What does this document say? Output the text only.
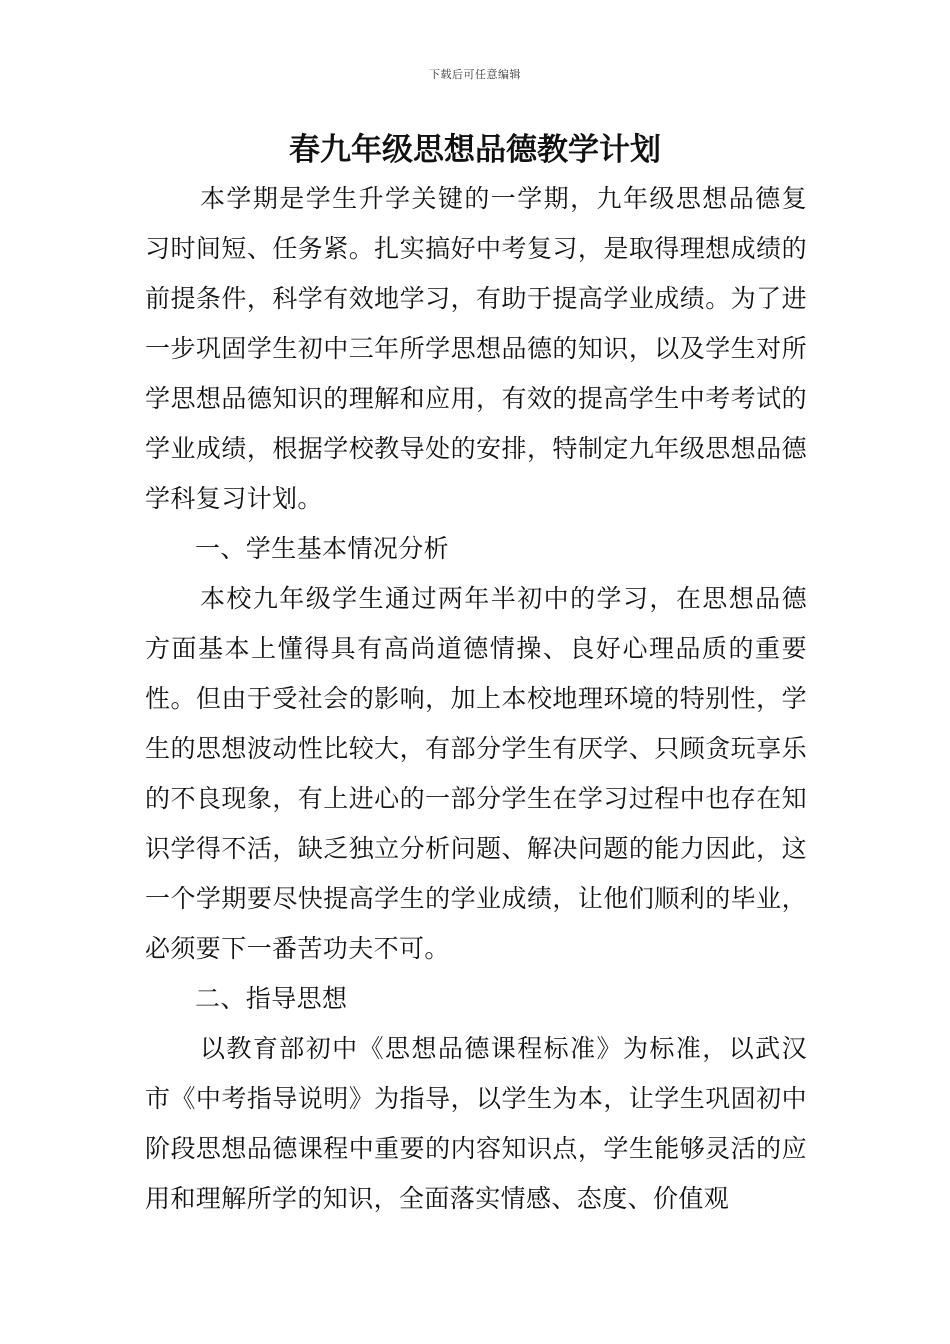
下载后可任意编辑
春九年级思想品德教学计划

本学期是学生升学关键的一学期，九年级思想品德复习时间短、任务紧。扎实搞好中考复习，是取得理想成绩的前提条件，科学有效地学习，有助于提高学业成绩。为了进一步巩固学生初中三年所学思想品德的知识，以及学生对所学思想品德知识的理解和应用，有效的提高学生中考考试的学业成绩，根据学校教导处的安排，特制定九年级思想品德学科复习计划。

一、学生基本情况分析

本校九年级学生通过两年半初中的学习，在思想品德方面基本上懂得具有高尚道德情操、良好心理品质的重要性。但由于受社会的影响，加上本校地理环境的特别性，学生的思想波动性比较大，有部分学生有厌学、只顾贪玩享乐的不良现象，有上进心的一部分学生在学习过程中也存在知识学得不活，缺乏独立分析问题、解决问题的能力因此，这一个学期要尽快提高学生的学业成绩，让他们顺利的毕业，必须要下一番苦功夫不可。

二、指导思想

以教育部初中《思想品德课程标准》为标准，以武汉市《中考指导说明》为指导，以学生为本，让学生巩固初中阶段思想品德课程中重要的内容知识点，学生能够灵活的应用和理解所学的知识，全面落实情感、态度、价值观
